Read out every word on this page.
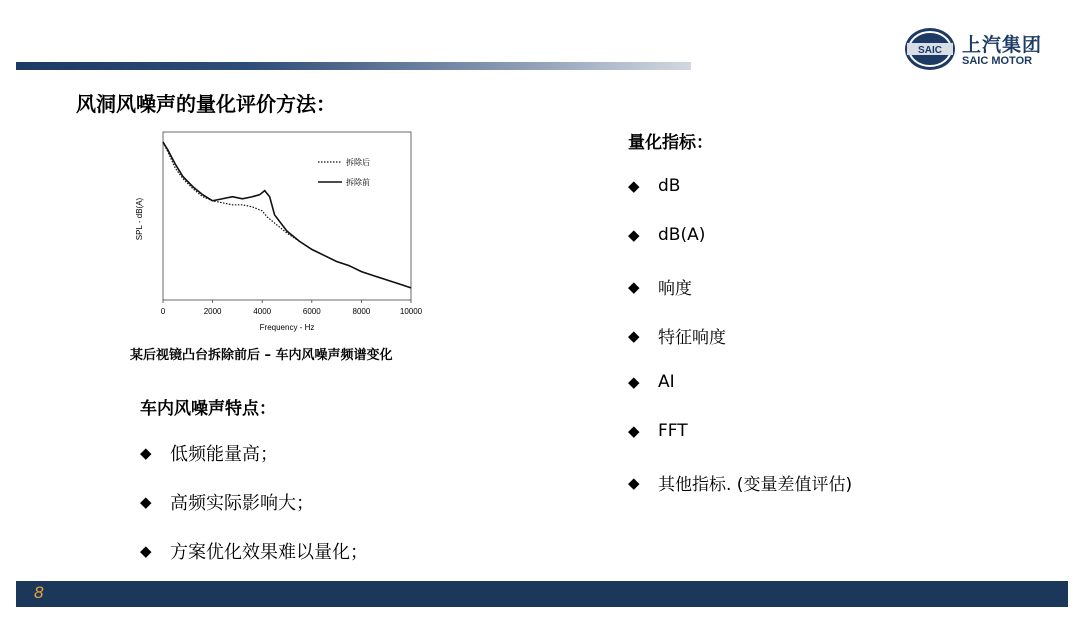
SAIC 上汽集团
SAIC MOTOR
风洞风噪声的量化评价方法：
0	2000	4000	6000	8000	10000
Frequency - Hz
SPL - dB(A)
拆除后
拆除前
某后视镜凸台拆除前后 – 车内风噪声频谱变化
车内风噪声特点：
◆	低频能量高；
◆	高频实际影响大；
◆	方案优化效果难以量化；
量化指标：
◆	dB
◆	dB(A)
◆	响度
◆	特征响度
◆	AI
◆	FFT
◆	其他指标. (变量差值评估)
8
